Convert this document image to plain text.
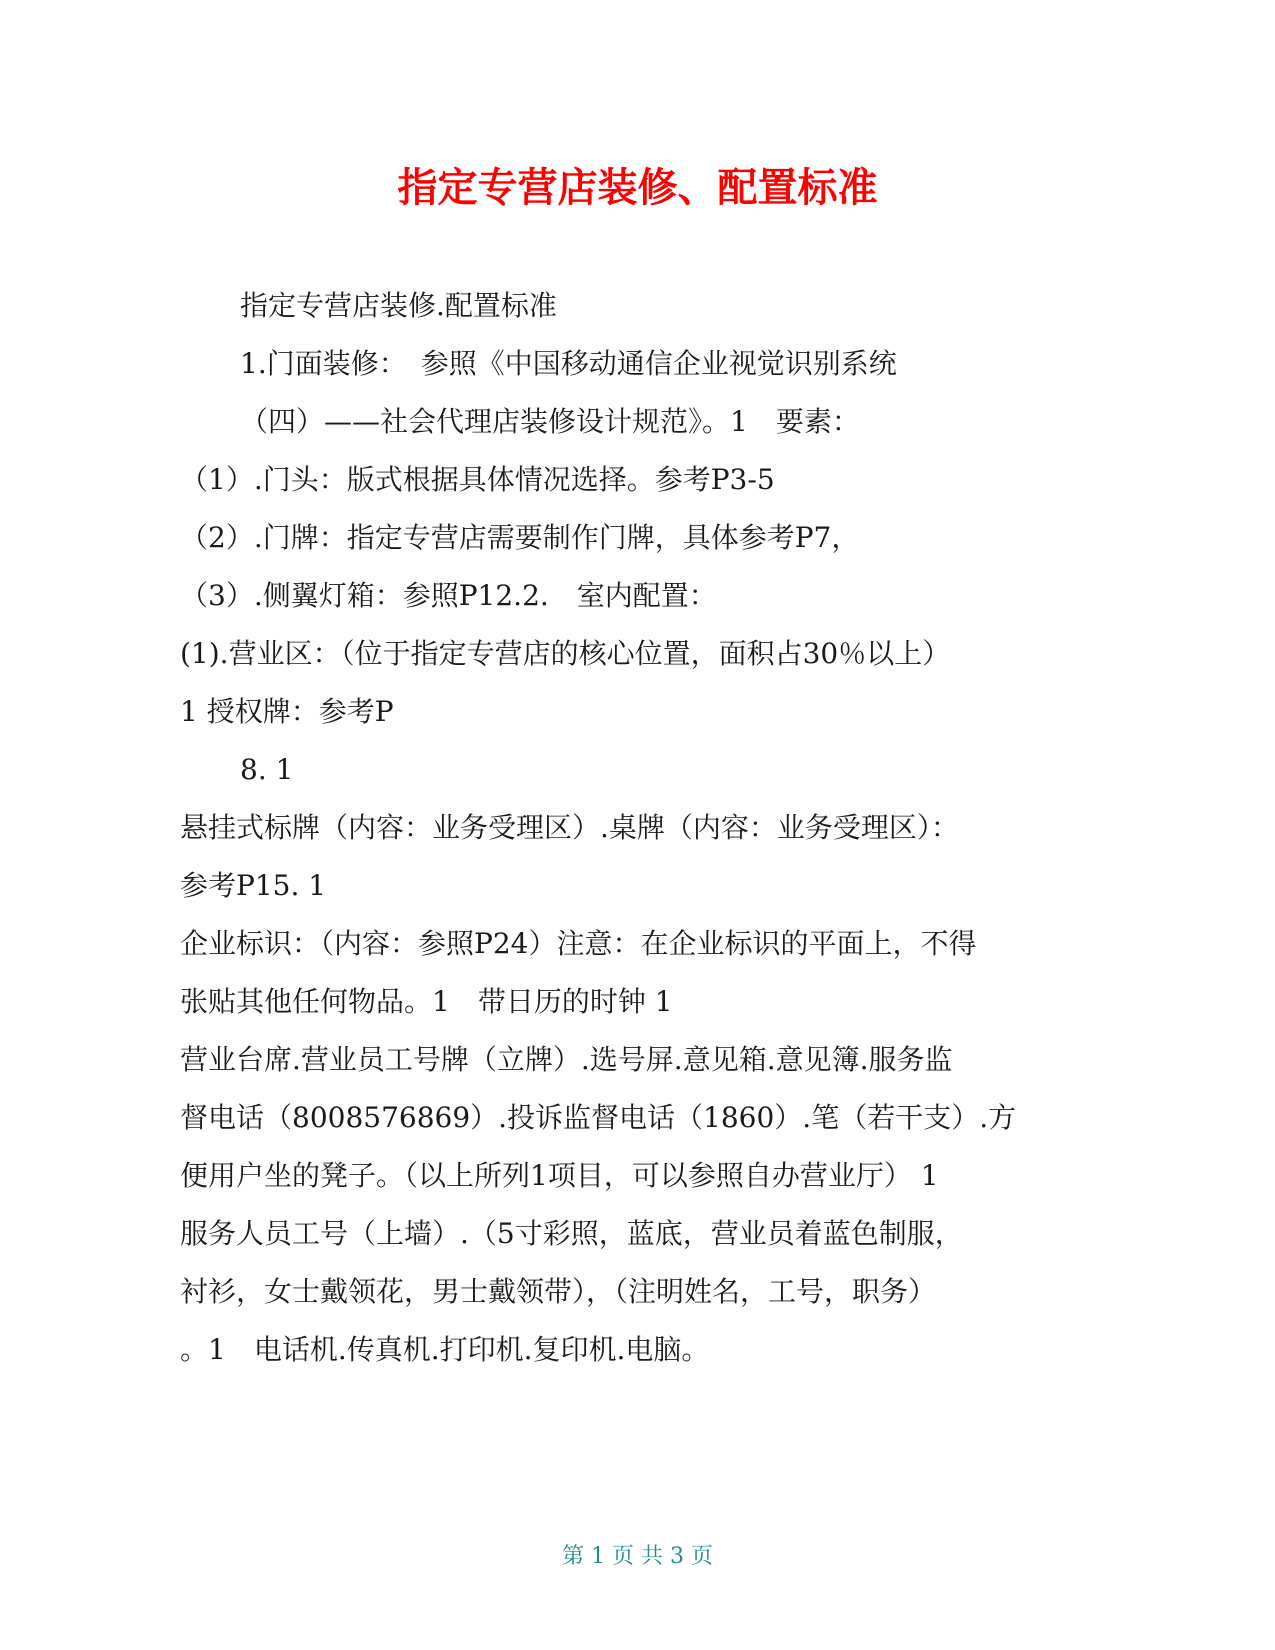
指定专营店装修、配置标准
指定专营店装修.配置标准
1.门面装修：　参照《中国移动通信企业视觉识别系统
（四）——社会代理店装修设计规范》。1　要素：
（1）.门头：版式根据具体情况选择。参考P3-5
（2）.门牌：指定专营店需要制作门牌，具体参考P7，
（3）.侧翼灯箱：参照P12.2.　室内配置：
(1).营业区：（位于指定专营店的核心位置，面积占30％以上）
1 授权牌：参考P
8. 1
悬挂式标牌（内容：业务受理区）.桌牌（内容：业务受理区）：
参考P15. 1
企业标识：（内容：参照P24）注意：在企业标识的平面上，不得
张贴其他任何物品。1　带日历的时钟 1
营业台席.营业员工号牌（立牌）.选号屏.意见箱.意见簿.服务监
督电话（8008576869）.投诉监督电话（1860）.笔（若干支）.方
便用户坐的凳子。（以上所列1项目，可以参照自办营业厅） 1
服务人员工号（上墙）.（5寸彩照，蓝底，营业员着蓝色制服，
衬衫，女士戴领花，男士戴领带），（注明姓名，工号，职务）
。1　电话机.传真机.打印机.复印机.电脑。
第 1 页 共 3 页
